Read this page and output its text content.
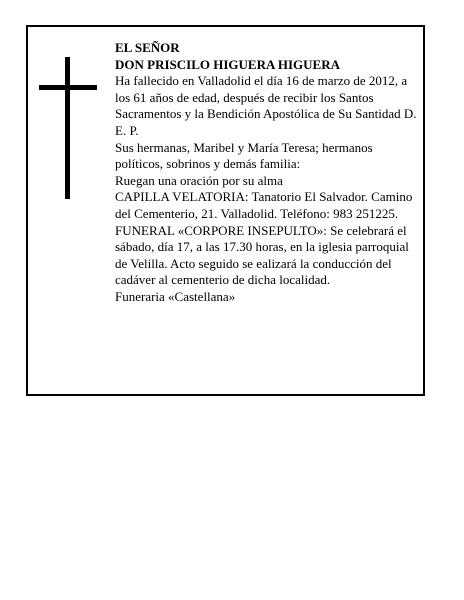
EL SEÑOR

DON PRISCILO HIGUERA HIGUERA

Ha fallecido en Valladolid el día 16 de marzo de 2012, a los 61 años de edad, después de recibir los Santos Sacramentos y la Bendición Apostólica de Su Santidad D. E. P.

Sus hermanas, Maribel y María Teresa; hermanos políticos, sobrinos y demás familia:

Ruegan una oración por su alma

CAPILLA VELATORIA: Tanatorio El Salvador. Camino del Cementerio, 21. Valladolid. Teléfono: 983 251225.

FUNERAL «CORPORE INSEPULTO»: Se celebrará el sábado, día 17, a las 17.30 horas, en la iglesia parroquial de Velilla. Acto seguido se ealizará la conducción del cadáver al cementerio de dicha localidad.

Funeraria «Castellana»
